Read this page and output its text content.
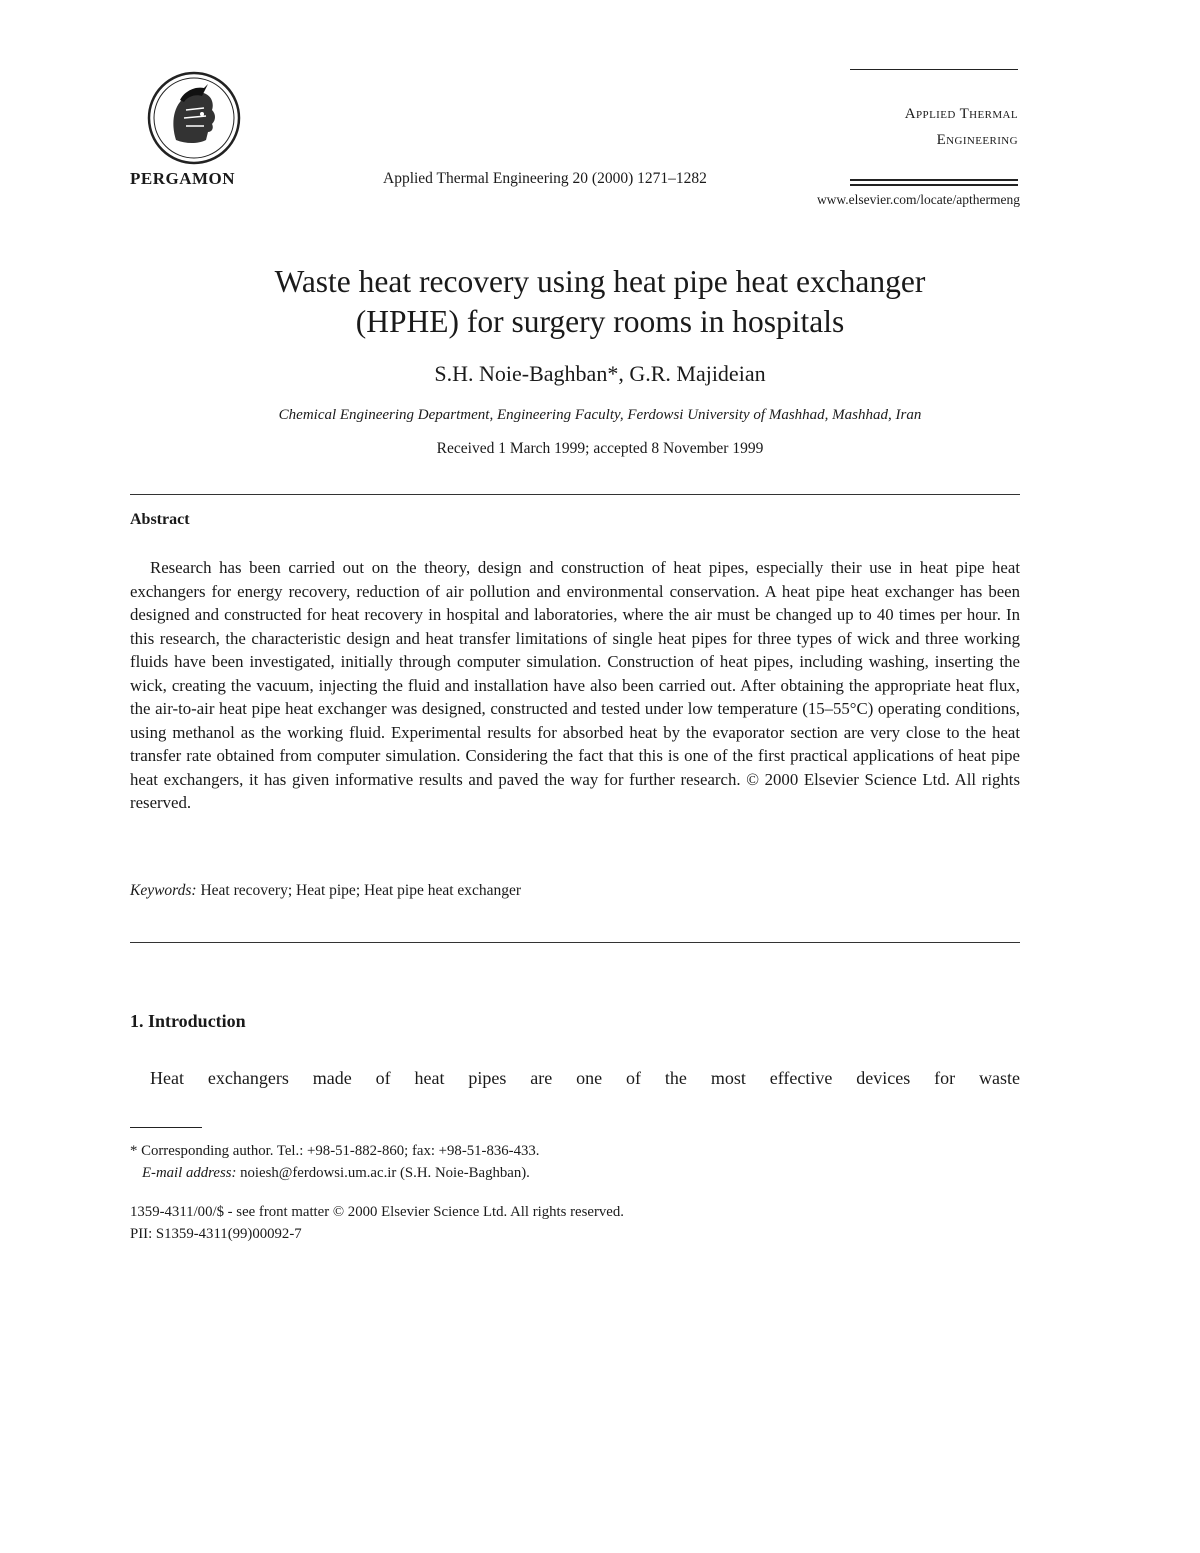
PERGAMON	Applied Thermal Engineering 20 (2000) 1271–1282
Applied Thermal
Engineering
www.elsevier.com/locate/apthermeng
Waste heat recovery using heat pipe heat exchanger
(HPHE) for surgery rooms in hospitals
S.H. Noie-Baghban*, G.R. Majideian
Chemical Engineering Department, Engineering Faculty, Ferdowsi University of Mashhad, Mashhad, Iran
Received 1 March 1999; accepted 8 November 1999
Abstract
Research has been carried out on the theory, design and construction of heat pipes, especially their use in heat pipe heat exchangers for energy recovery, reduction of air pollution and environmental conservation. A heat pipe heat exchanger has been designed and constructed for heat recovery in hospital and laboratories, where the air must be changed up to 40 times per hour. In this research, the characteristic design and heat transfer limitations of single heat pipes for three types of wick and three working fluids have been investigated, initially through computer simulation. Construction of heat pipes, including washing, inserting the wick, creating the vacuum, injecting the fluid and installation have also been carried out. After obtaining the appropriate heat flux, the air-to-air heat pipe heat exchanger was designed, constructed and tested under low temperature (15–55°C) operating conditions, using methanol as the working fluid. Experimental results for absorbed heat by the evaporator section are very close to the heat transfer rate obtained from computer simulation. Considering the fact that this is one of the first practical applications of heat pipe heat exchangers, it has given informative results and paved the way for further research. © 2000 Elsevier Science Ltd. All rights reserved.
Keywords: Heat recovery; Heat pipe; Heat pipe heat exchanger
1. Introduction
Heat exchangers made of heat pipes are one of the most effective devices for waste
* Corresponding author. Tel.: +98-51-882-860; fax: +98-51-836-433.
E-mail address: noiesh@ferdowsi.um.ac.ir (S.H. Noie-Baghban).
1359-4311/00/$ - see front matter © 2000 Elsevier Science Ltd. All rights reserved.
PII: S1359-4311(99)00092-7
